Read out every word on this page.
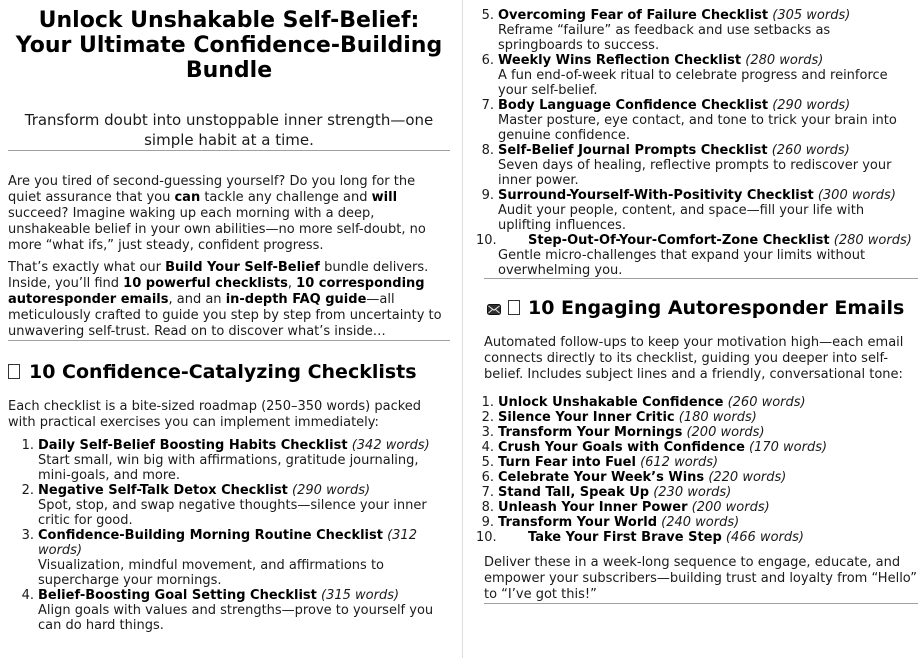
Unlock Unshakable Self-Belief:
Your Ultimate Confidence-Building
Bundle
Transform doubt into unstoppable inner strength—one
simple habit at a time.

Are you tired of second-guessing yourself? Do you long for the quiet assurance that you can tackle any challenge and will succeed? Imagine waking up each morning with a deep, unshakeable belief in your own abilities—no more self-doubt, no more “what ifs,” just steady, confident progress.

That’s exactly what our Build Your Self-Belief bundle delivers. Inside, you’ll find 10 powerful checklists, 10 corresponding autoresponder emails, and an in-depth FAQ guide—all meticulously crafted to guide you step by step from uncertainty to unwavering self-trust. Read on to discover what’s inside…

10 Confidence-Catalyzing Checklists

Each checklist is a bite-sized roadmap (250–350 words) packed with practical exercises you can implement immediately:

1. Daily Self-Belief Boosting Habits Checklist (342 words)
Start small, win big with affirmations, gratitude journaling, mini-goals, and more.
2. Negative Self-Talk Detox Checklist (290 words)
Spot, stop, and swap negative thoughts—silence your inner critic for good.
3. Confidence-Building Morning Routine Checklist (312 words)
Visualization, mindful movement, and affirmations to supercharge your mornings.
4. Belief-Boosting Goal Setting Checklist (315 words)
Align goals with values and strengths—prove to yourself you can do hard things.
5. Overcoming Fear of Failure Checklist (305 words)
Reframe “failure” as feedback and use setbacks as springboards to success.
6. Weekly Wins Reflection Checklist (280 words)
A fun end-of-week ritual to celebrate progress and reinforce your self-belief.
7. Body Language Confidence Checklist (290 words)
Master posture, eye contact, and tone to trick your brain into genuine confidence.
8. Self-Belief Journal Prompts Checklist (260 words)
Seven days of healing, reflective prompts to rediscover your inner power.
9. Surround-Yourself-With-Positivity Checklist (300 words)
Audit your people, content, and space—fill your life with uplifting influences.
10.	Step-Out-Of-Your-Comfort-Zone Checklist (280 words)
Gentle micro-challenges that expand your limits without overwhelming you.
10 Engaging Autoresponder Emails

Automated follow-ups to keep your motivation high—each email connects directly to its checklist, guiding you deeper into self-belief. Includes subject lines and a friendly, conversational tone:

1. Unlock Unshakable Confidence (260 words)
2. Silence Your Inner Critic (180 words)
3. Transform Your Mornings (200 words)
4. Crush Your Goals with Confidence (170 words)
5. Turn Fear into Fuel (612 words)
6. Celebrate Your Week’s Wins (220 words)
7. Stand Tall, Speak Up (230 words)
8. Unleash Your Inner Power (200 words)
9. Transform Your World (240 words)
10.	Take Your First Brave Step (466 words)

Deliver these in a week-long sequence to engage, educate, and empower your subscribers—building trust and loyalty from “Hello” to “I’ve got this!”
